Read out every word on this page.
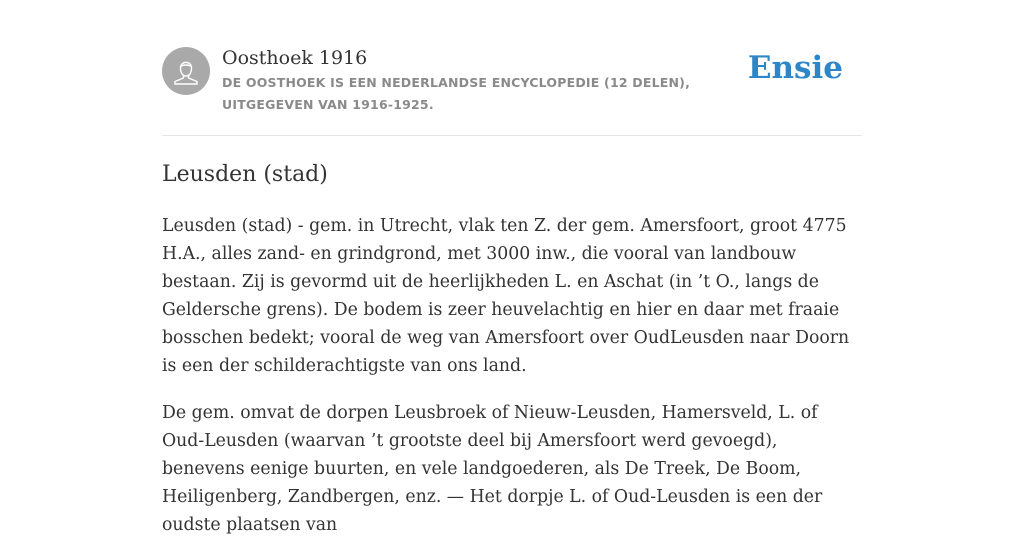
Oosthoek 1916
DE OOSTHOEK IS EEN NEDERLANDSE ENCYCLOPEDIE (12 DELEN), UITGEGEVEN VAN 1916-1925.
Ensie
Leusden (stad)

Leusden (stad) - gem. in Utrecht, vlak ten Z. der gem. Amersfoort, groot 4775 H.A., alles zand- en grindgrond, met 3000 inw., die vooral van landbouw bestaan. Zij is gevormd uit de heerlijkheden L. en Aschat (in ’t O., langs de Geldersche grens). De bodem is zeer heuvelachtig en hier en daar met fraaie bosschen bedekt; vooral de weg van Amersfoort over OudLeusden naar Doorn is een der schilderachtigste van ons land.

De gem. omvat de dorpen Leusbroek of Nieuw-Leusden, Hamersveld, L. of Oud-Leusden (waarvan ’t grootste deel bij Amersfoort werd gevoegd), benevens eenige buurten, en vele landgoederen, als De Treek, De Boom, Heiligenberg, Zandbergen, enz. — Het dorpje L. of Oud-Leusden is een der oudste plaatsen van
